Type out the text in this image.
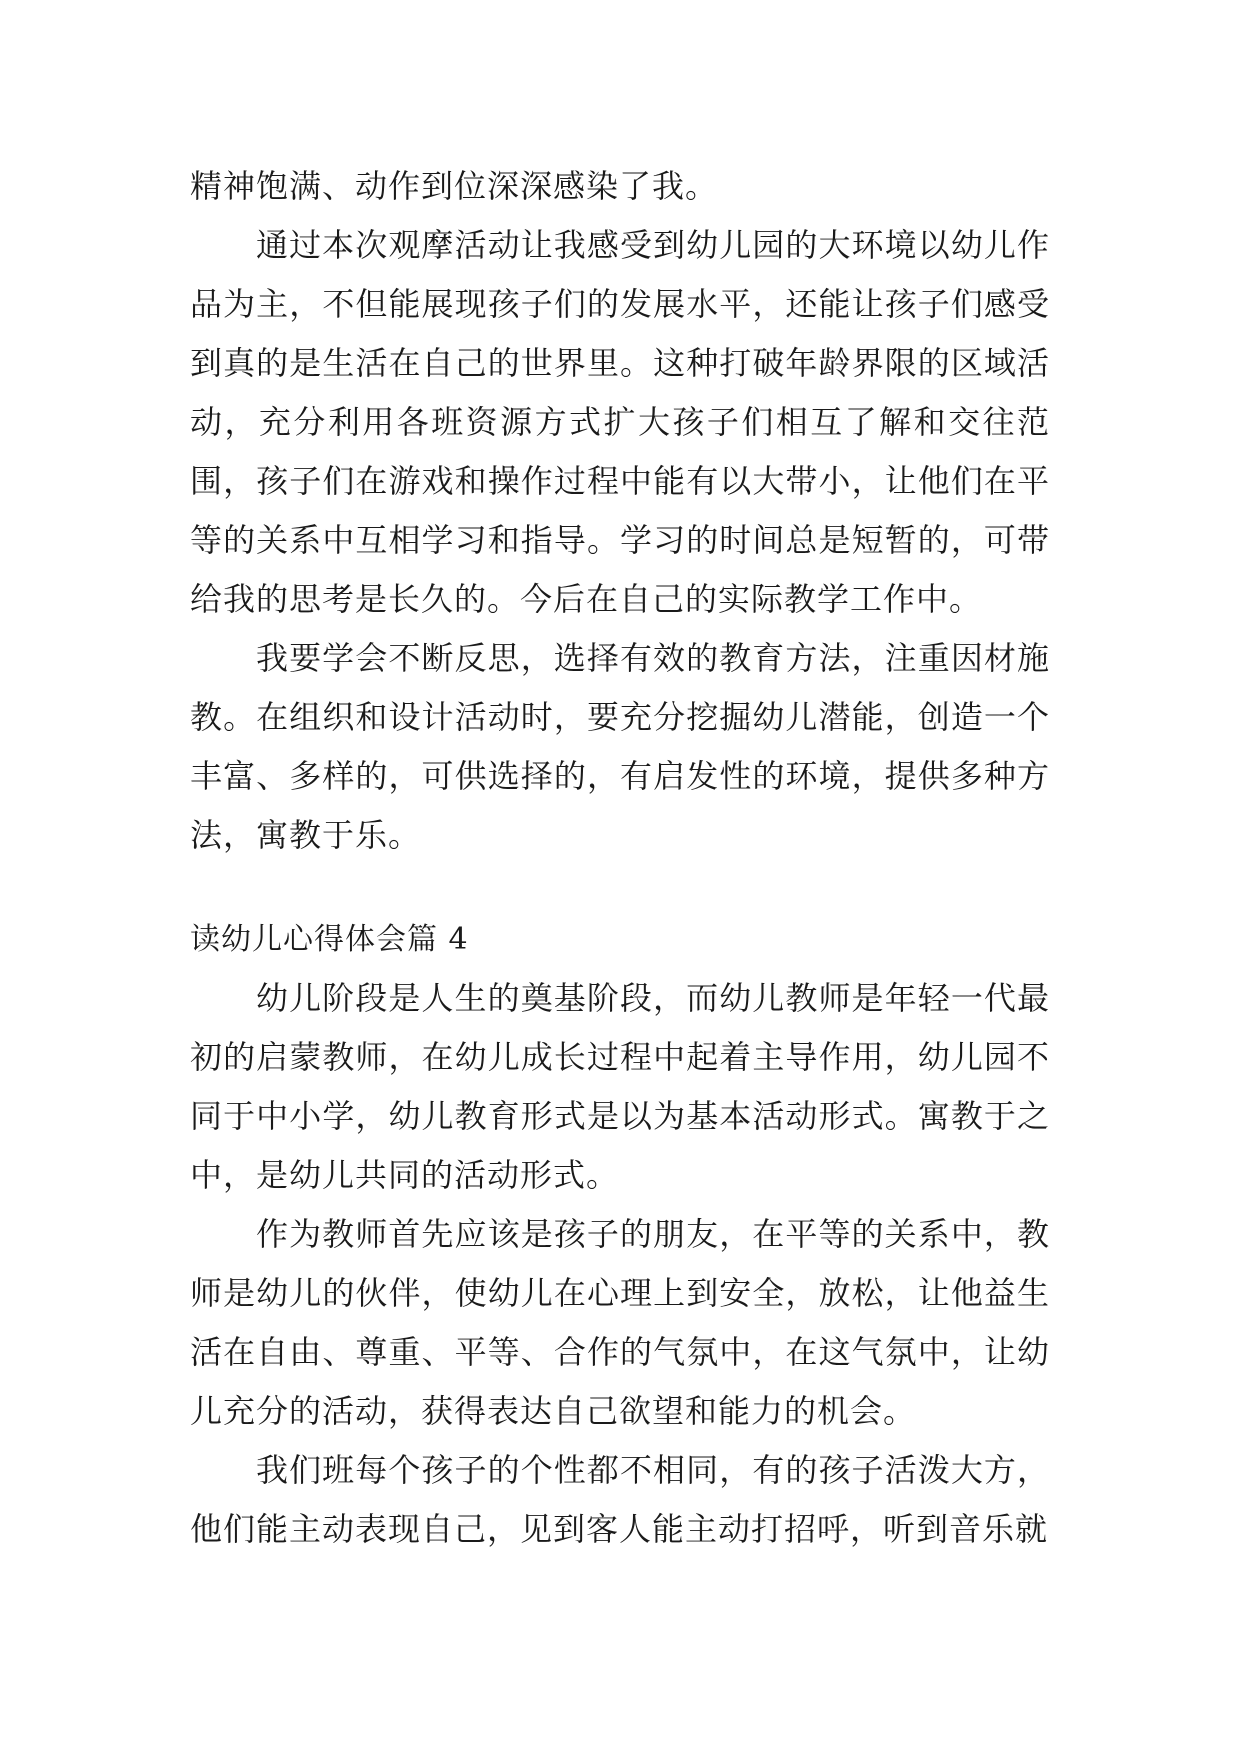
精神饱满、动作到位深深感染了我。

通过本次观摩活动让我感受到幼儿园的大环境以幼儿作品为主，不但能展现孩子们的发展水平，还能让孩子们感受到真的是生活在自己的世界里。这种打破年龄界限的区域活动，充分利用各班资源方式扩大孩子们相互了解和交往范围，孩子们在游戏和操作过程中能有以大带小，让他们在平等的关系中互相学习和指导。学习的时间总是短暂的，可带给我的思考是长久的。今后在自己的实际教学工作中。

我要学会不断反思，选择有效的教育方法，注重因材施教。在组织和设计活动时，要充分挖掘幼儿潜能，创造一个丰富、多样的，可供选择的，有启发性的环境，提供多种方法，寓教于乐。

读幼儿心得体会篇 4

幼儿阶段是人生的奠基阶段，而幼儿教师是年轻一代最初的启蒙教师，在幼儿成长过程中起着主导作用，幼儿园不同于中小学，幼儿教育形式是以为基本活动形式。寓教于之中，是幼儿共同的活动形式。

作为教师首先应该是孩子的朋友，在平等的关系中，教师是幼儿的伙伴，使幼儿在心理上到安全，放松，让他益生活在自由、尊重、平等、合作的气氛中，在这气氛中，让幼儿充分的活动，获得表达自己欲望和能力的机会。

我们班每个孩子的个性都不相同，有的孩子活泼大方，他们能主动表现自己，见到客人能主动打招呼，听到音乐就
